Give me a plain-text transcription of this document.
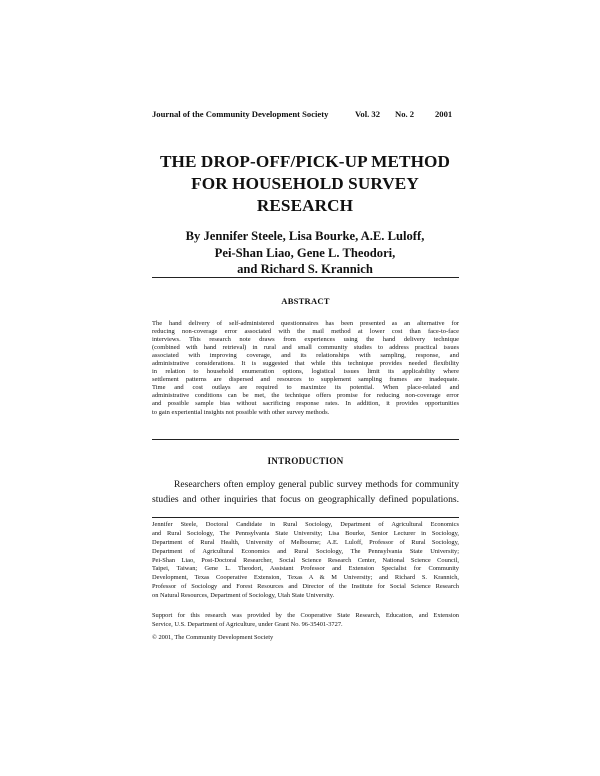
Journal of the Community Development Society	Vol. 32 No. 2 2001
THE DROP-OFF/PICK-UP METHOD
FOR HOUSEHOLD SURVEY
RESEARCH
By Jennifer Steele, Lisa Bourke, A.E. Luloff,
Pei-Shan Liao, Gene L. Theodori,
and Richard S. Krannich
ABSTRACT
The hand delivery of self-administered questionnaires has been presented as an alternative for
reducing non-coverage error associated with the mail method at lower cost than face-to-face
interviews. This research note draws from experiences using the hand delivery technique
(combined with hand retrieval) in rural and small community studies to address practical issues
associated with improving coverage, and its relationships with sampling, response, and
administrative considerations. It is suggested that while this technique provides needed flexibility
in relation to household enumeration options, logistical issues limit its applicability where
settlement patterns are dispersed and resources to supplement sampling frames are inadequate.
Time and cost outlays are required to maximize its potential. When place-related and
administrative conditions can be met, the technique offers promise for reducing non-coverage error
and possible sample bias without sacrificing response rates. In addition, it provides opportunities
to gain experiential insights not possible with other survey methods.
INTRODUCTION
Researchers often employ general public survey methods for community
studies and other inquiries that focus on geographically defined populations.
Jennifer Steele, Doctoral Candidate in Rural Sociology, Department of Agricultural Economics
and Rural Sociology, The Pennsylvania State University; Lisa Bourke, Senior Lecturer in Sociology,
Department of Rural Health, University of Melbourne; A.E. Luloff, Professor of Rural Sociology,
Department of Agricultural Economics and Rural Sociology, The Pennsylvania State University;
Pei-Shan Liao, Post-Doctoral Researcher, Social Science Research Center, National Science Council,
Taipei, Taiwan; Gene L. Theodori, Assistant Professor and Extension Specialist for Community
Development, Texas Cooperative Extension, Texas A & M University; and Richard S. Krannich,
Professor of Sociology and Forest Resources and Director of the Institute for Social Science Research
on Natural Resources, Department of Sociology, Utah State University.
Support for this research was provided by the Cooperative State Research, Education, and Extension
Service, U.S. Department of Agriculture, under Grant No. 96-35401-3727.
© 2001, The Community Development Society
